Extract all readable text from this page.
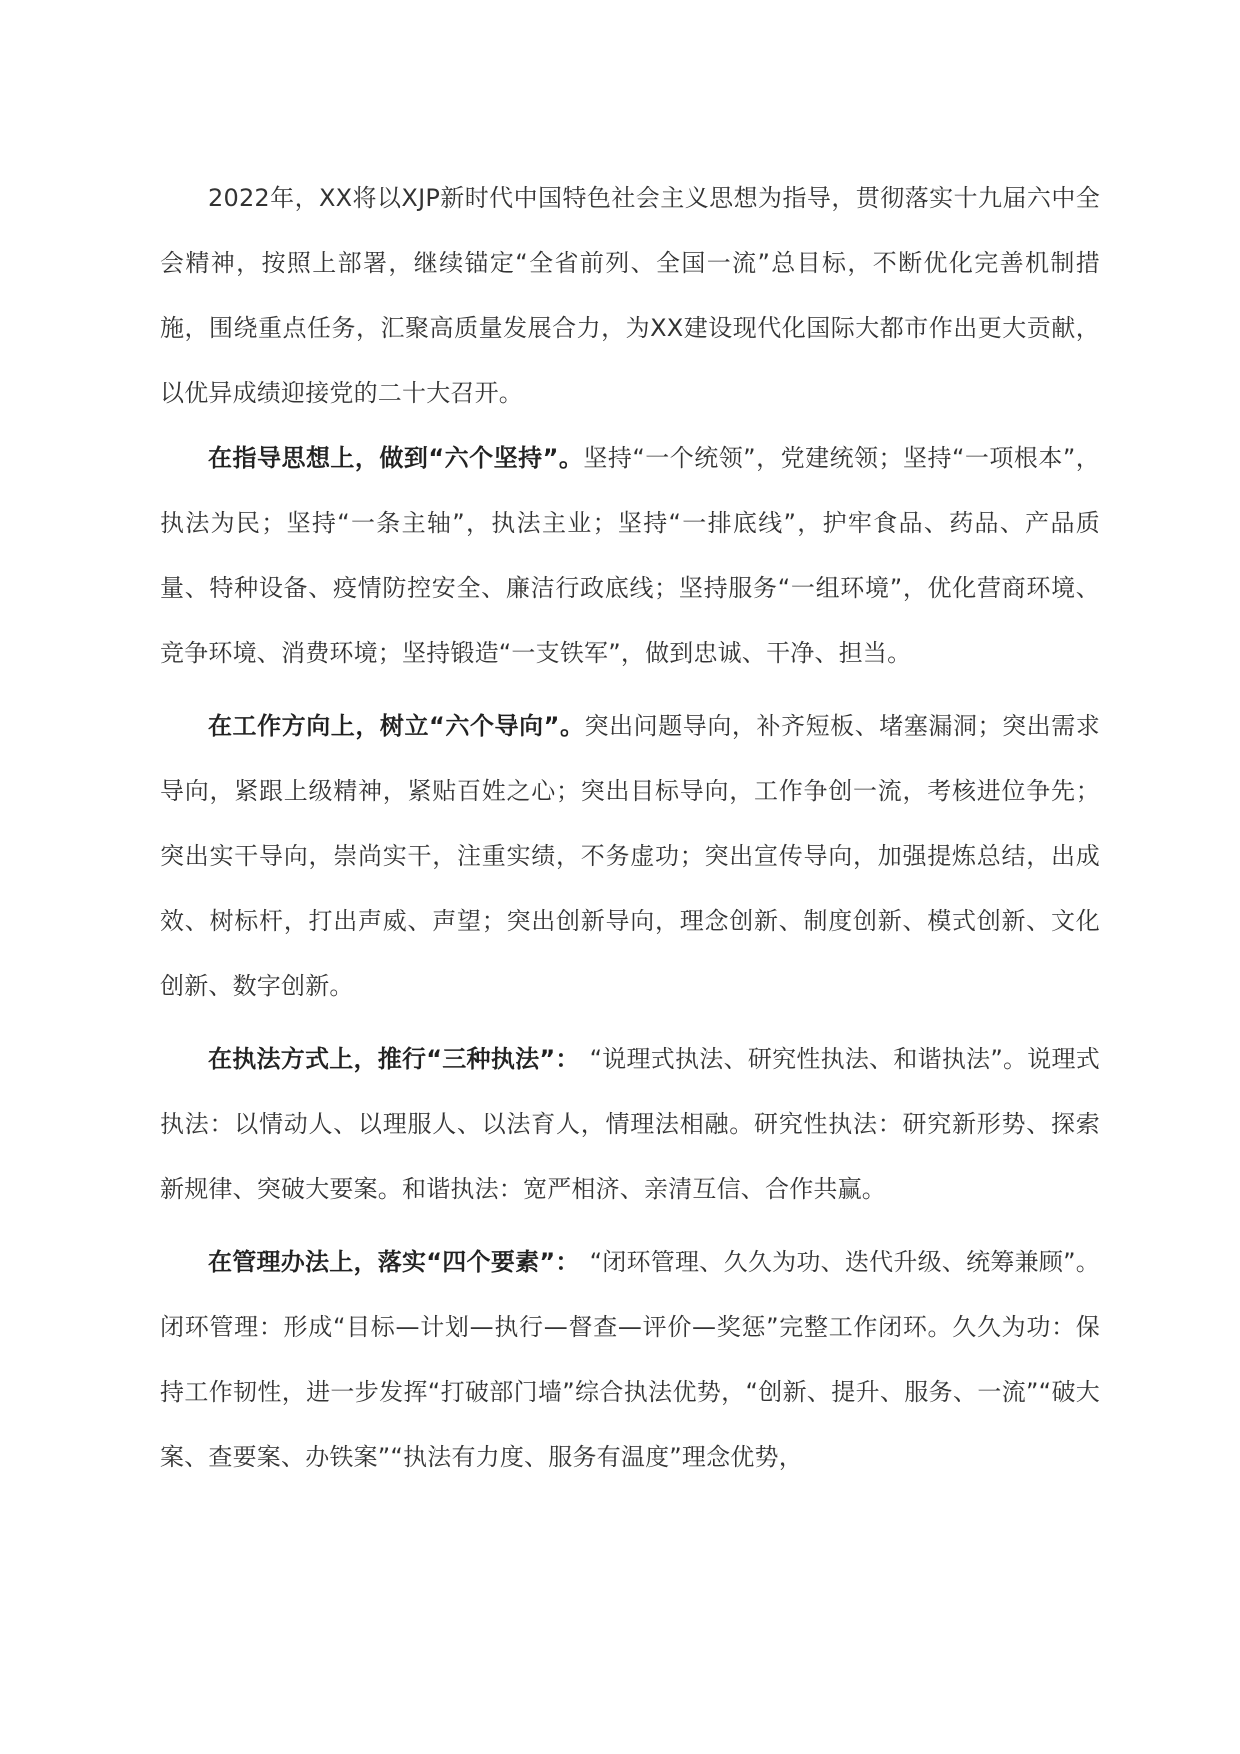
2022年，XX将以XJP新时代中国特色社会主义思想为指导，贯彻落实十九届六中全会精神，按照上部署，继续锚定“全省前列、全国一流”总目标，不断优化完善机制措施，围绕重点任务，汇聚高质量发展合力，为XX建设现代化国际大都市作出更大贡献，以优异成绩迎接党的二十大召开。

在指导思想上，做到“六个坚持”。坚持“一个统领”，党建统领；坚持“一项根本”，执法为民；坚持“一条主轴”，执法主业；坚持“一排底线”，护牢食品、药品、产品质量、特种设备、疫情防控安全、廉洁行政底线；坚持服务“一组环境”，优化营商环境、竞争环境、消费环境；坚持锻造“一支铁军”，做到忠诚、干净、担当。

在工作方向上，树立“六个导向”。突出问题导向，补齐短板、堵塞漏洞；突出需求导向，紧跟上级精神，紧贴百姓之心；突出目标导向，工作争创一流，考核进位争先；突出实干导向，崇尚实干，注重实绩，不务虚功；突出宣传导向，加强提炼总结，出成效、树标杆，打出声威、声望；突出创新导向，理念创新、制度创新、模式创新、文化创新、数字创新。

在执法方式上，推行“三种执法”： “说理式执法、研究性执法、和谐执法”。说理式执法：以情动人、以理服人、以法育人，情理法相融。研究性执法：研究新形势、探索新规律、突破大要案。和谐执法：宽严相济、亲清互信、合作共赢。

在管理办法上，落实“四个要素”： “闭环管理、久久为功、迭代升级、统筹兼顾”。闭环管理：形成“目标—计划—执行—督查—评价—奖惩”完整工作闭环。久久为功：保持工作韧性，进一步发挥“打破部门墙”综合执法优势，“创新、提升、服务、一流”“破大案、查要案、办铁案”“执法有力度、服务有温度”理念优势，
